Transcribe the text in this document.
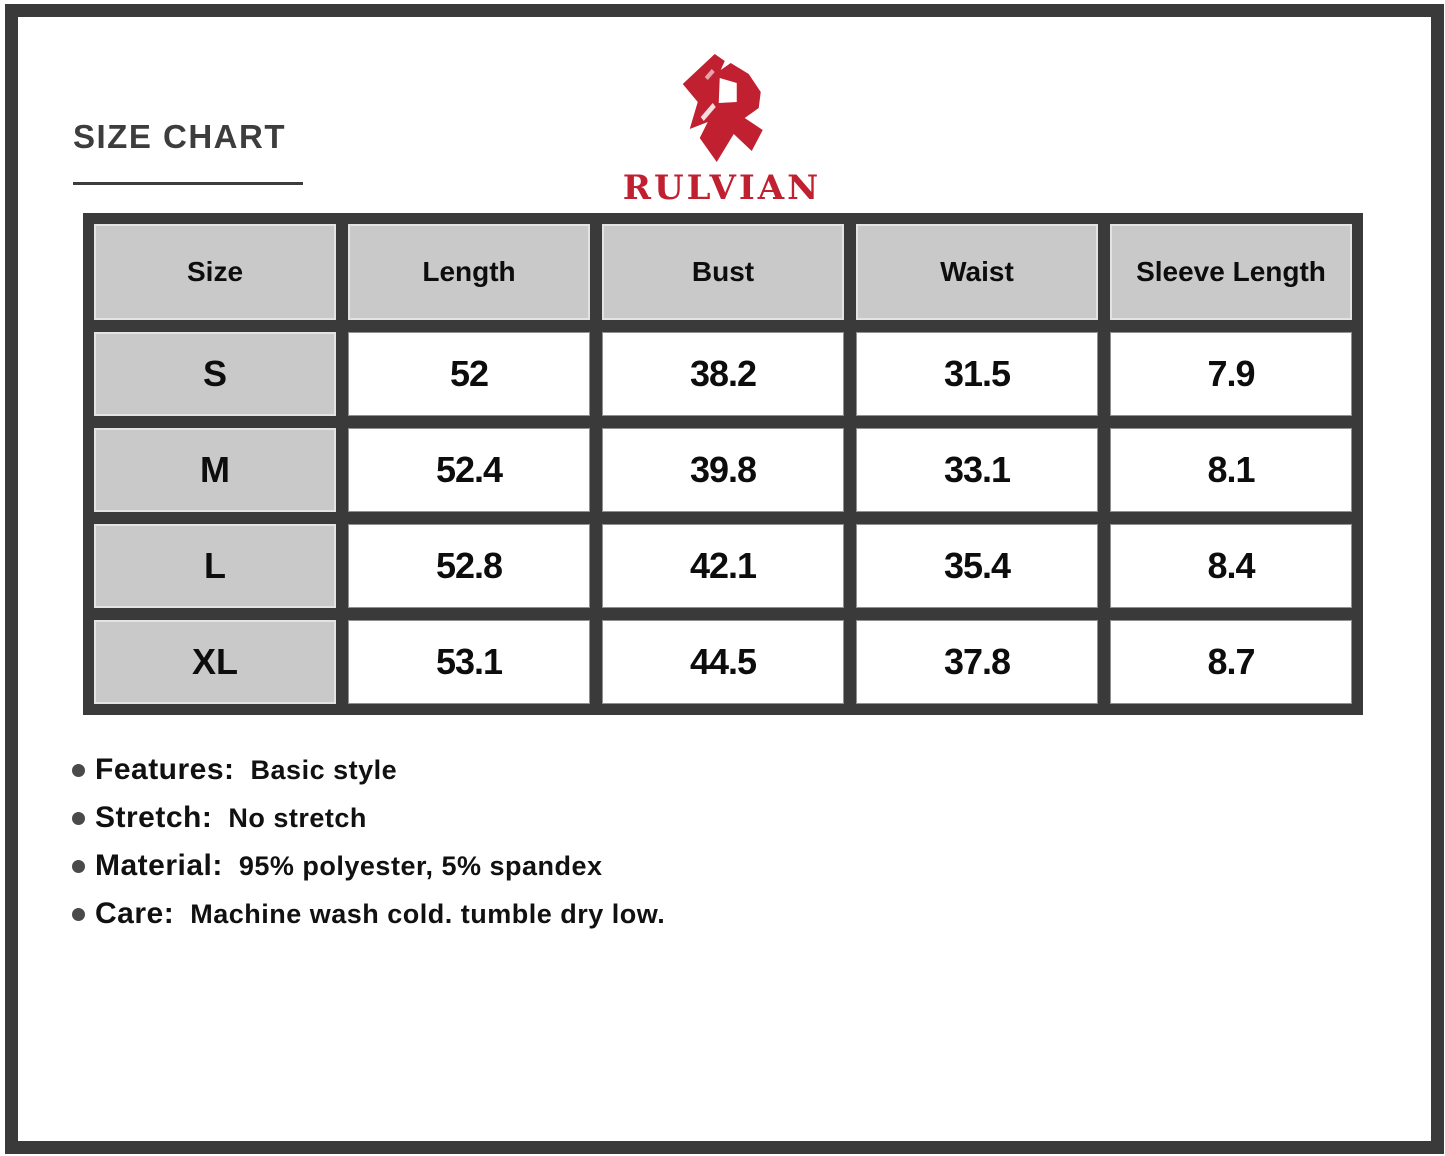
SIZE CHART
RULVIAN
Size	Length	Bust	Waist	Sleeve Length
S	52	38.2	31.5	7.9
M	52.4	39.8	33.1	8.1
L	52.8	42.1	35.4	8.4
XL	53.1	44.5	37.8	8.7
Features: Basic style
Stretch: No stretch
Material: 95% polyester, 5% spandex
Care: Machine wash cold. tumble dry low.
